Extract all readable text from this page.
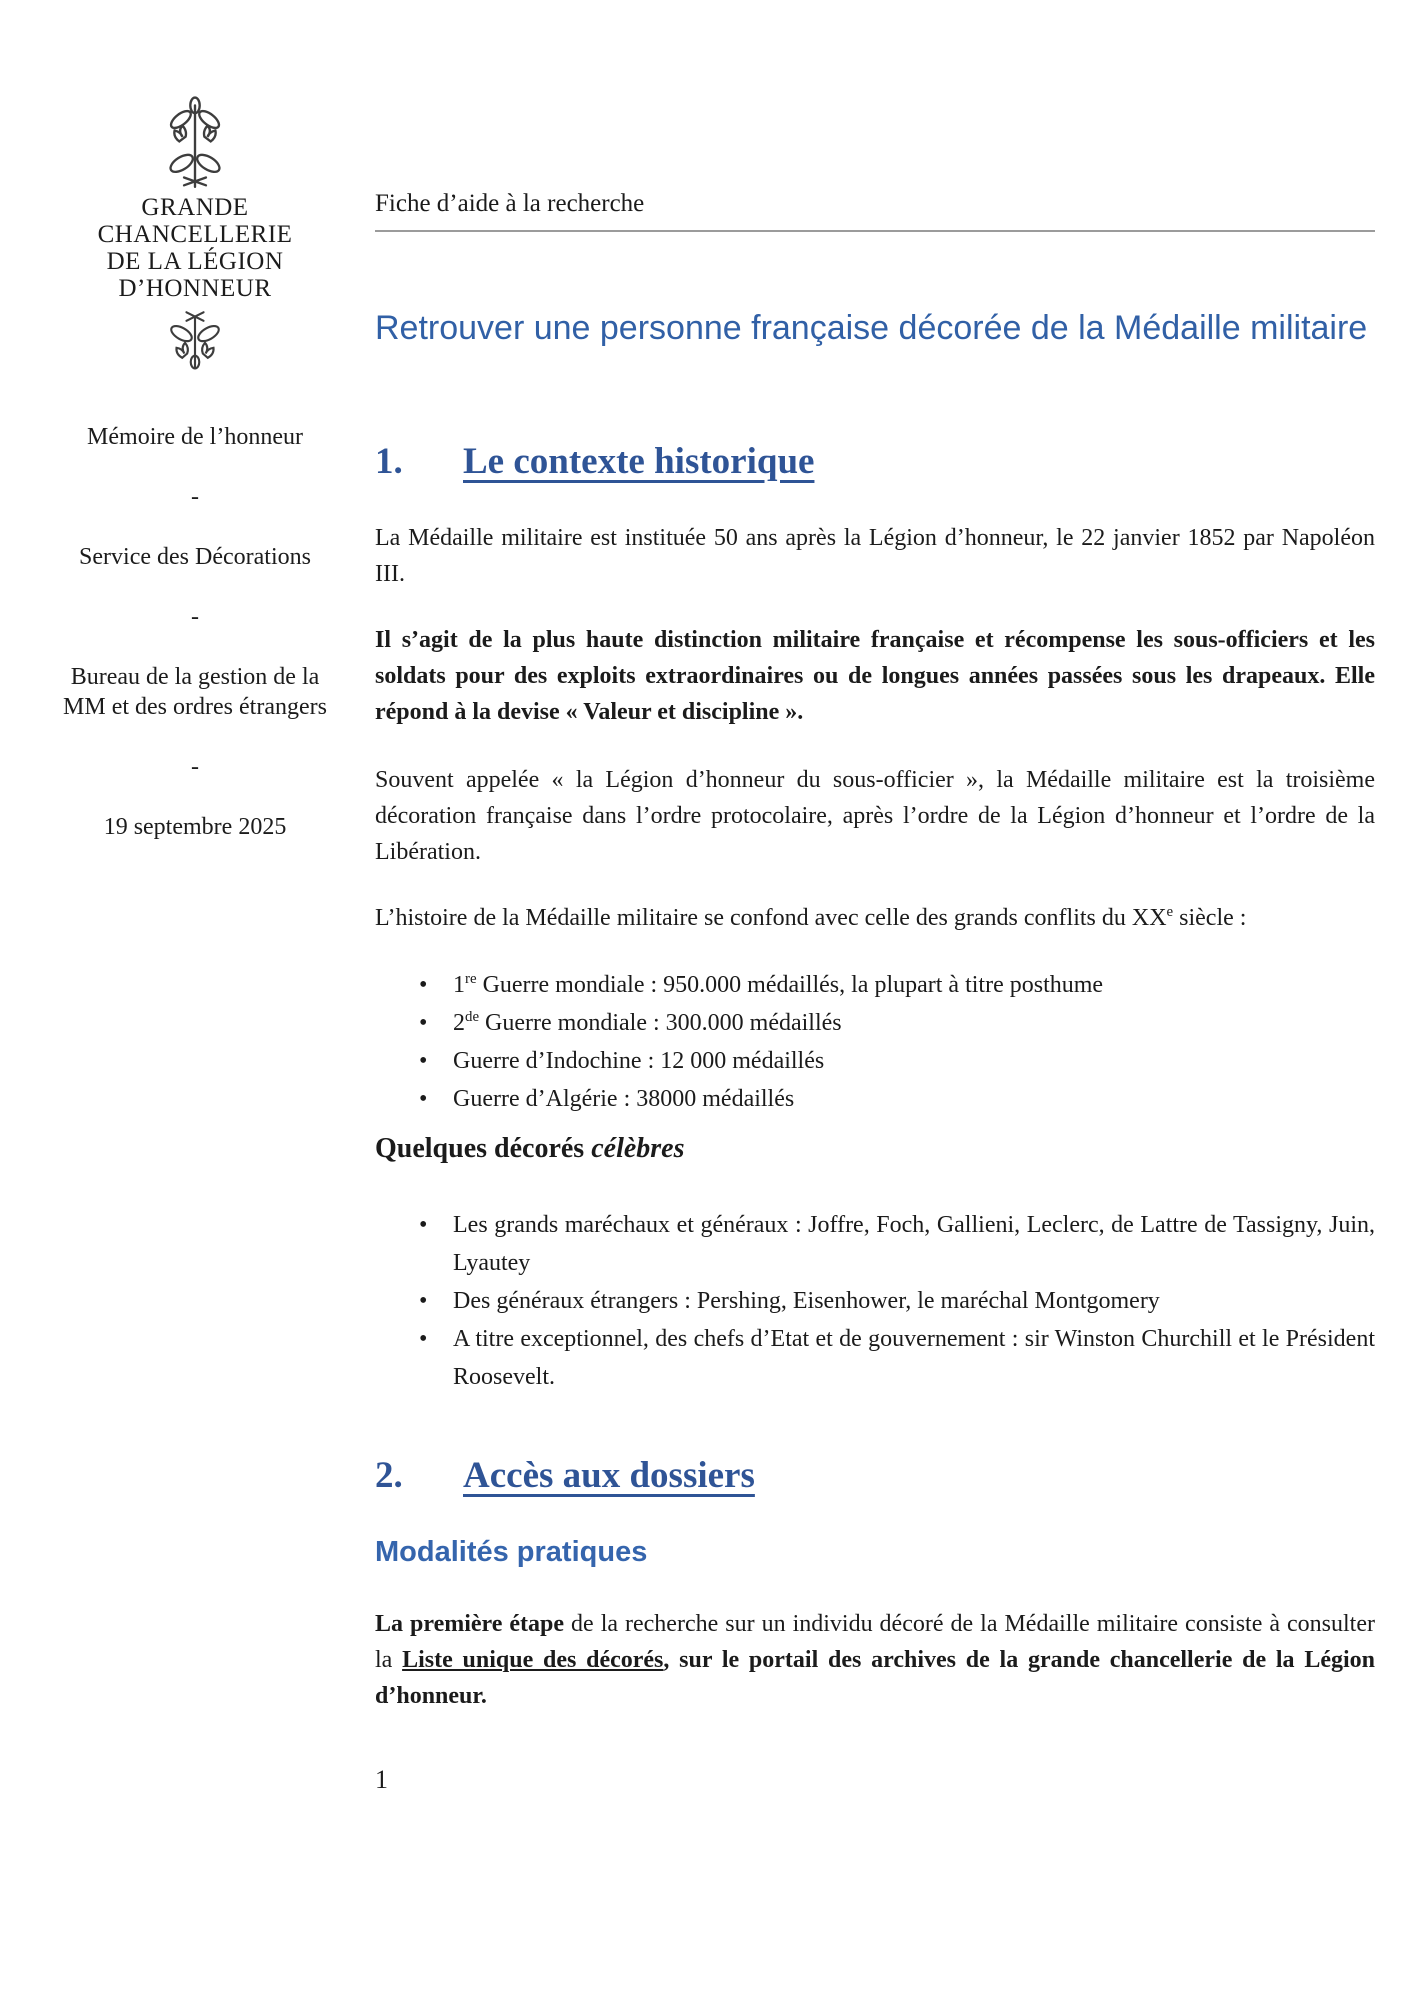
GRANDE
CHANCELLERIE
DE LA LÉGION
D’HONNEUR
Mémoire de l’honneur
-
Service des Décorations
-
Bureau de la gestion de la MM et des ordres étrangers
-
19 septembre 2025
Fiche d’aide à la recherche
Retrouver une personne française décorée de la Médaille militaire
1.	Le contexte historique

La Médaille militaire est instituée 50 ans après la Légion d’honneur, le 22 janvier 1852 par Napoléon III.

Il s’agit de la plus haute distinction militaire française et récompense les sous-officiers et les soldats pour des exploits extraordinaires ou de longues années passées sous les drapeaux. Elle répond à la devise « Valeur et discipline ».

Souvent appelée « la Légion d’honneur du sous-officier », la Médaille militaire est la troisième décoration française dans l’ordre protocolaire, après l’ordre de la Légion d’honneur et l’ordre de la Libération.

L’histoire de la Médaille militaire se confond avec celle des grands conflits du XXe siècle :

• 1re Guerre mondiale : 950.000 médaillés, la plupart à titre posthume
• 2de Guerre mondiale : 300.000 médaillés
• Guerre d’Indochine : 12 000 médaillés
• Guerre d’Algérie : 38000 médaillés
Quelques décorés célèbres
• Les grands maréchaux et généraux : Joffre, Foch, Gallieni, Leclerc, de Lattre de Tassigny, Juin, Lyautey
• Des généraux étrangers : Pershing, Eisenhower, le maréchal Montgomery
• A titre exceptionnel, des chefs d’Etat et de gouvernement : sir Winston Churchill et le Président Roosevelt.
2.	Accès aux dossiers
Modalités pratiques

La première étape de la recherche sur un individu décoré de la Médaille militaire consiste à consulter la Liste unique des décorés, sur le portail des archives de la grande chancellerie de la Légion d’honneur.

1
